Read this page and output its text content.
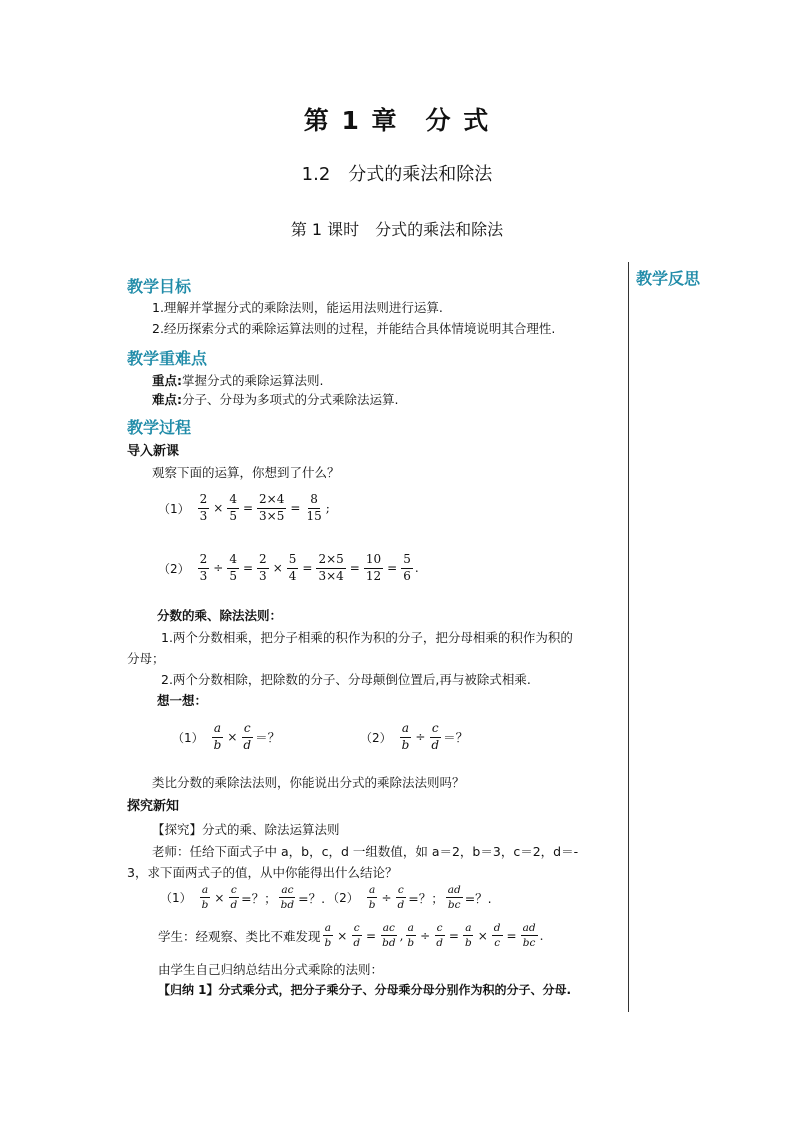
第 1 章　分 式
1.2　分式的乘法和除法
第 1 课时　分式的乘法和除法
教学反思
教学目标
1.理解并掌握分式的乘除法则，能运用法则进行运算.
2.经历探索分式的乘除运算法则的过程，并能结合具体情境说明其合理性.
教学重难点
重点:掌握分式的乘除运算法则.
难点:分子、分母为多项式的分式乘除法运算.
教学过程
导入新课
观察下面的运算，你想到了什么？
$(1) \frac{2}{3} \times \frac{4}{5} = \frac{2\times 4}{3\times 5} = \frac{8}{15}$ ;
$(2) \frac{2}{3} \div \frac{4}{5} = \frac{2}{3} \times \frac{5}{4} = \frac{2\times 5}{3\times 4} = \frac{10}{12} = \frac{5}{6}$ .
分数的乘、除法法则：
1.两个分数相乘，把分子相乘的积作为积的分子，把分母相乘的积作为积的
分母；
2.两个分数相除，把除数的分子、分母颠倒位置后,再与被除式相乘.
想一想：
$(1) \frac{a}{b} \times \frac{c}{d}$ ＝？	$(2) \frac{a}{b} \div \frac{c}{d}$ ＝？
类比分数的乘除法法则，你能说出分式的乘除法法则吗？
探究新知
【探究】分式的乘、除法运算法则
老师：任给下面式子中 a，b，c，d 一组数值，如 a＝2，b＝3，c＝2，d＝-
3，求下面两式子的值，从中你能得出什么结论？
$(1) \frac{a}{b} \times \frac{c}{d}$ =？； $\frac{ac}{bd}$ =？. $(2) \frac{a}{b} \div \frac{c}{d}$ =？； $\frac{ad}{bc}$ =？.
学生：经观察、类比不难发现 $\frac{a}{b} \times \frac{c}{d} = \frac{ac}{bd}$ , $\frac{a}{b} \div \frac{c}{d} = \frac{a}{b} \times \frac{d}{c} = \frac{ad}{bc}$ .
由学生自己归纳总结出分式乘除的法则：
【归纳 1】分式乘分式，把分子乘分子、分母乘分母分别作为积的分子、分母.
